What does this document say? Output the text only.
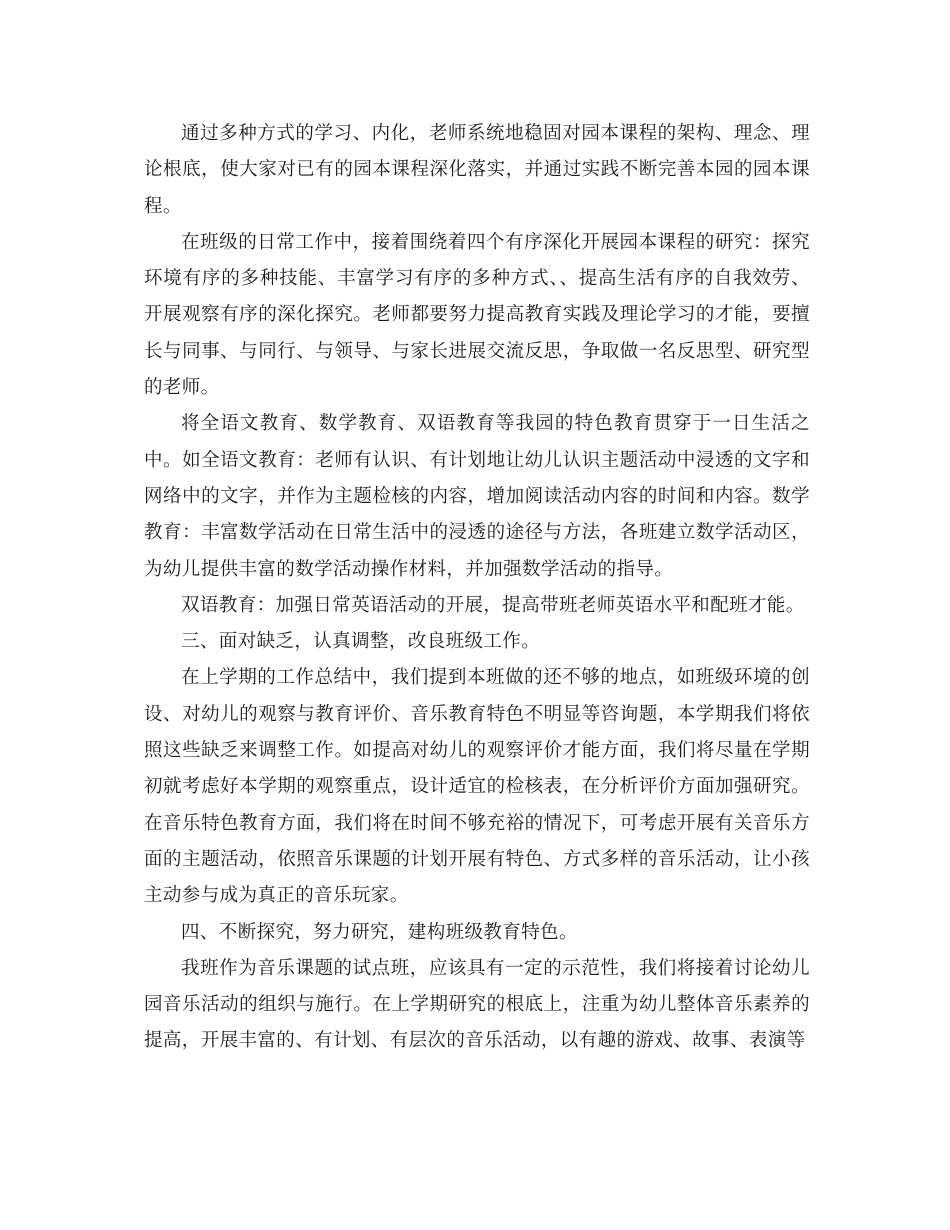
通过多种方式的学习、内化，老师系统地稳固对园本课程的架构、理念、理论根底，使大家对已有的园本课程深化落实，并通过实践不断完善本园的园本课程。

在班级的日常工作中，接着围绕着四个有序深化开展园本课程的研究：探究环境有序的多种技能、丰富学习有序的多种方式、、提高生活有序的自我效劳、开展观察有序的深化探究。老师都要努力提高教育实践及理论学习的才能，要擅长与同事、与同行、与领导、与家长进展交流反思，争取做一名反思型、研究型的老师。

将全语文教育、数学教育、双语教育等我园的特色教育贯穿于一日生活之中。如全语文教育：老师有认识、有计划地让幼儿认识主题活动中浸透的文字和网络中的文字，并作为主题检核的内容，增加阅读活动内容的时间和内容。数学教育：丰富数学活动在日常生活中的浸透的途径与方法，各班建立数学活动区，为幼儿提供丰富的数学活动操作材料，并加强数学活动的指导。

双语教育：加强日常英语活动的开展，提高带班老师英语水平和配班才能。

三、面对缺乏，认真调整，改良班级工作。

在上学期的工作总结中，我们提到本班做的还不够的地点，如班级环境的创设、对幼儿的观察与教育评价、音乐教育特色不明显等咨询题，本学期我们将依照这些缺乏来调整工作。如提高对幼儿的观察评价才能方面，我们将尽量在学期初就考虑好本学期的观察重点，设计适宜的检核表，在分析评价方面加强研究。在音乐特色教育方面，我们将在时间不够充裕的情况下，可考虑开展有关音乐方面的主题活动，依照音乐课题的计划开展有特色、方式多样的音乐活动，让小孩主动参与成为真正的音乐玩家。

四、不断探究，努力研究，建构班级教育特色。

我班作为音乐课题的试点班，应该具有一定的示范性，我们将接着讨论幼儿园音乐活动的组织与施行。在上学期研究的根底上，注重为幼儿整体音乐素养的提高，开展丰富的、有计划、有层次的音乐活动，以有趣的游戏、故事、表演等
